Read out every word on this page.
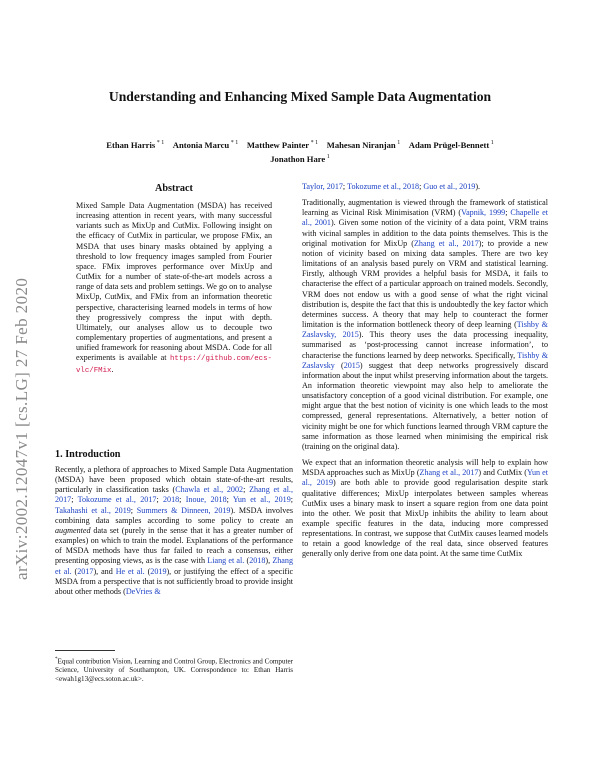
arXiv:2002.12047v1 [cs.LG] 27 Feb 2020
Understanding and Enhancing Mixed Sample Data Augmentation
Ethan Harris $^{* 1}$   Antonia Marcu $^{* 1}$   Matthew Painter $^{* 1}$   Mahesan Niranjan $^1$   Adam Prügel-Bennett $^1$
Jonathon Hare $^1$
Abstract
Mixed Sample Data Augmentation (MSDA) has received increasing attention in recent years, with many successful variants such as MixUp and CutMix. Following insight on the efficacy of CutMix in particular, we propose FMix, an MSDA that uses binary masks obtained by applying a threshold to low frequency images sampled from Fourier space. FMix improves performance over MixUp and CutMix for a number of state-of-the-art models across a range of data sets and problem settings. We go on to analyse MixUp, CutMix, and FMix from an information theoretic perspective, characterising learned models in terms of how they progressively compress the input with depth. Ultimately, our analyses allow us to decouple two complementary properties of augmentations, and present a unified framework for reasoning about MSDA. Code for all experiments is available at https://github.com/ecs-vlc/FMix.
1. Introduction
Recently, a plethora of approaches to Mixed Sample Data Augmentation (MSDA) have been proposed which obtain state-of-the-art results, particularly in classification tasks (Chawla et al., 2002; Zhang et al., 2017; Tokozume et al., 2017; 2018; Inoue, 2018; Yun et al., 2019; Takahashi et al., 2019; Summers & Dinneen, 2019). MSDA involves combining data samples according to some policy to create an augmented data set (purely in the sense that it has a greater number of examples) on which to train the model. Explanations of the performance of MSDA methods have thus far failed to reach a consensus, either presenting opposing views, as is the case with Liang et al. (2018), Zhang et al. (2017), and He et al. (2019), or justifying the effect of a specific MSDA from a perspective that is not sufficiently broad to provide insight about other methods (DeVries &
*Equal contribution Vision, Learning and Control Group, Electronics and Computer Science, University of Southampton, UK. Correspondence to: Ethan Harris <ewah1g13@ecs.soton.ac.uk>.

Taylor, 2017; Tokozume et al., 2018; Guo et al., 2019).

Traditionally, augmentation is viewed through the framework of statistical learning as Vicinal Risk Minimisation (VRM) (Vapnik, 1999; Chapelle et al., 2001). Given some notion of the vicinity of a data point, VRM trains with vicinal samples in addition to the data points themselves. This is the original motivation for MixUp (Zhang et al., 2017); to provide a new notion of vicinity based on mixing data samples. There are two key limitations of an analysis based purely on VRM and statistical learning. Firstly, although VRM provides a helpful basis for MSDA, it fails to characterise the effect of a particular approach on trained models. Secondly, VRM does not endow us with a good sense of what the right vicinal distribution is, despite the fact that this is undoubtedly the key factor which determines success. A theory that may help to counteract the former limitation is the information bottleneck theory of deep learning (Tishby & Zaslavsky, 2015). This theory uses the data processing inequality, summarised as ‘post-processing cannot increase information’, to characterise the functions learned by deep networks. Specifically, Tishby & Zaslavsky (2015) suggest that deep networks progressively discard information about the input whilst preserving information about the targets. An information theoretic viewpoint may also help to ameliorate the unsatisfactory conception of a good vicinal distribution. For example, one might argue that the best notion of vicinity is one which leads to the most compressed, general representations. Alternatively, a better notion of vicinity might be one for which functions learned through VRM capture the same information as those learned when minimising the empirical risk (training on the original data).

We expect that an information theoretic analysis will help to explain how MSDA approaches such as MixUp (Zhang et al., 2017) and CutMix (Yun et al., 2019) are both able to provide good regularisation despite stark qualitative differences; MixUp interpolates between samples whereas CutMix uses a binary mask to insert a square region from one data point into the other. We posit that MixUp inhibits the ability to learn about example specific features in the data, inducing more compressed representations. In contrast, we suppose that CutMix causes learned models to retain a good knowledge of the real data, since observed features generally only derive from one data point. At the same time CutMix
